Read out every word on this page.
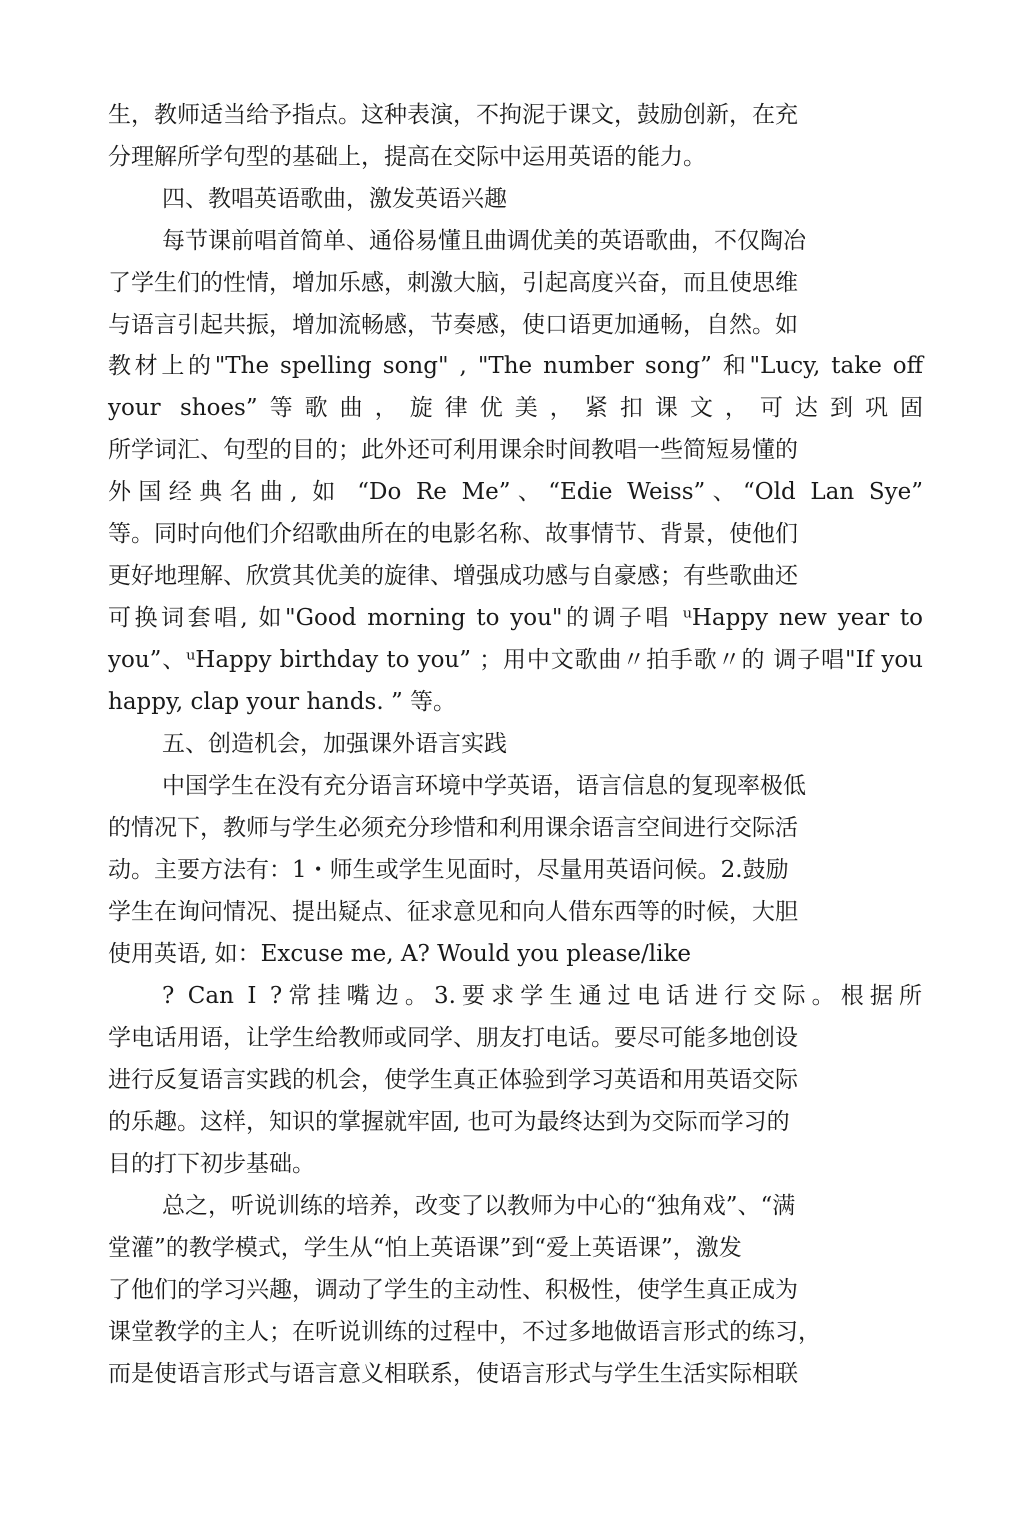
生，教师适当给予指点。这种表演，不拘泥于课文，鼓励创新，在充

分理解所学句型的基础上，提高在交际中运用英语的能力。

四、教唱英语歌曲，激发英语兴趣

每节课前唱首简单、通俗易懂且曲调优美的英语歌曲，不仅陶冶

了学生们的性情，增加乐感，刺激大脑，引起高度兴奋，而且使思维

与语言引起共振，增加流畅感，节奏感，使口语更加通畅，自然。如

教材上的"The spelling song" , "The number song” 和"Lucy, take off

your shoes”等歌曲，旋律优美，紧扣课文，可达到巩固

所学词汇、句型的目的；此外还可利用课余时间教唱一些简短易懂的

外国经典名曲, 如 “Do Re Me”、“Edie Weiss”、“Old Lan Sye”

等。同时向他们介绍歌曲所在的电影名称、故事情节、背景，使他们

更好地理解、欣赏其优美的旋律、增强成功感与自豪感；有些歌曲还

可换词套唱, 如"Good morning to you"的调子唱 ᵘHappy new year to

you”、ᵘHappy birthday to you” ；用中文歌曲〃拍手歌〃的 调子唱"If you

happy, clap your hands. ” 等。

五、创造机会，加强课外语言实践

中国学生在没有充分语言环境中学英语，语言信息的复现率极低

的情况下，教师与学生必须充分珍惜和利用课余语言空间进行交际活

动。主要方法有：1・师生或学生见面时，尽量用英语问候。2.鼓励

学生在询问情况、提出疑点、征求意见和向人借东西等的时候，大胆

使用英语, 如：Excuse me, A? Would you please/like

? Can I ?常挂嘴边。3.要求学生通过电话进行交际。根据所

学电话用语，让学生给教师或同学、朋友打电话。要尽可能多地创设

进行反复语言实践的机会，使学生真正体验到学习英语和用英语交际

的乐趣。这样，知识的掌握就牢固, 也可为最终达到为交际而学习的

目的打下初步基础。

总之，听说训练的培养，改变了以教师为中心的“独角戏”、“满

堂灌”的教学模式，学生从“怕上英语课”到“爱上英语课”，激发

了他们的学习兴趣，调动了学生的主动性、积极性，使学生真正成为

课堂教学的主人；在听说训练的过程中，不过多地做语言形式的练习，

而是使语言形式与语言意义相联系，使语言形式与学生生活实际相联
